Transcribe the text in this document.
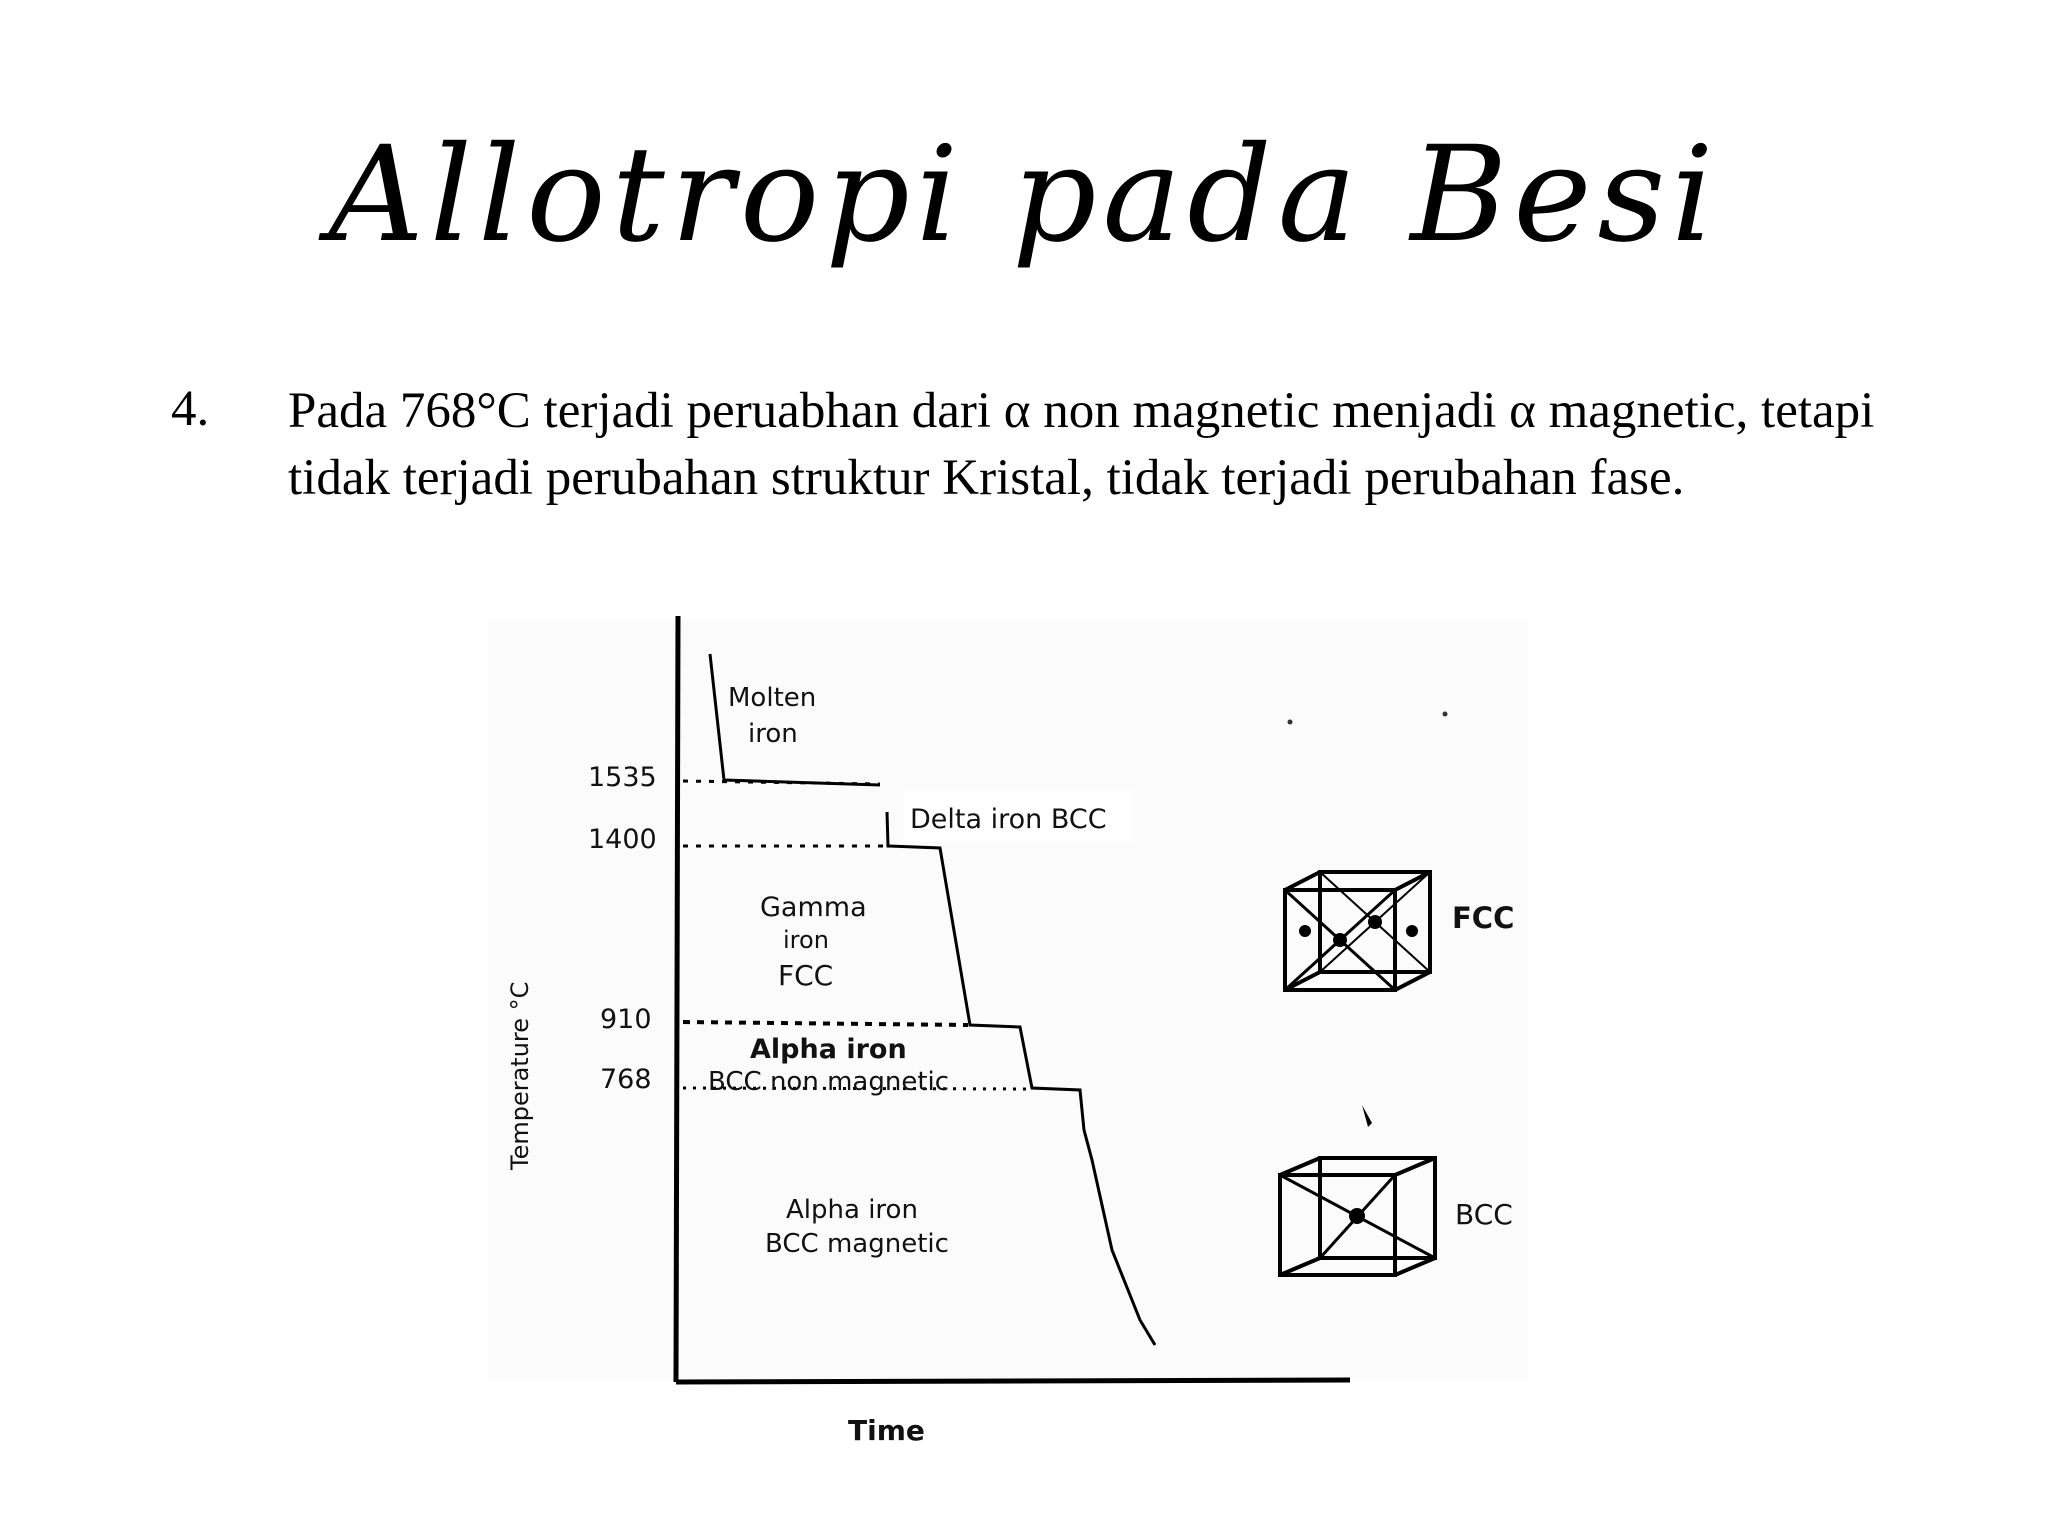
Allotropi pada Besi
4. Pada 768°C terjadi peruabhan dari α non magnetic menjadi α magnetic, tetapi tidak terjadi perubahan struktur Kristal, tidak terjadi perubahan fase.
1535
1400
910
768
Temperature °C
Time
Molten
iron
Delta iron BCC
Gamma
iron
FCC
Alpha iron
BCC non magnetic
Alpha iron
BCC magnetic
FCC
BCC
